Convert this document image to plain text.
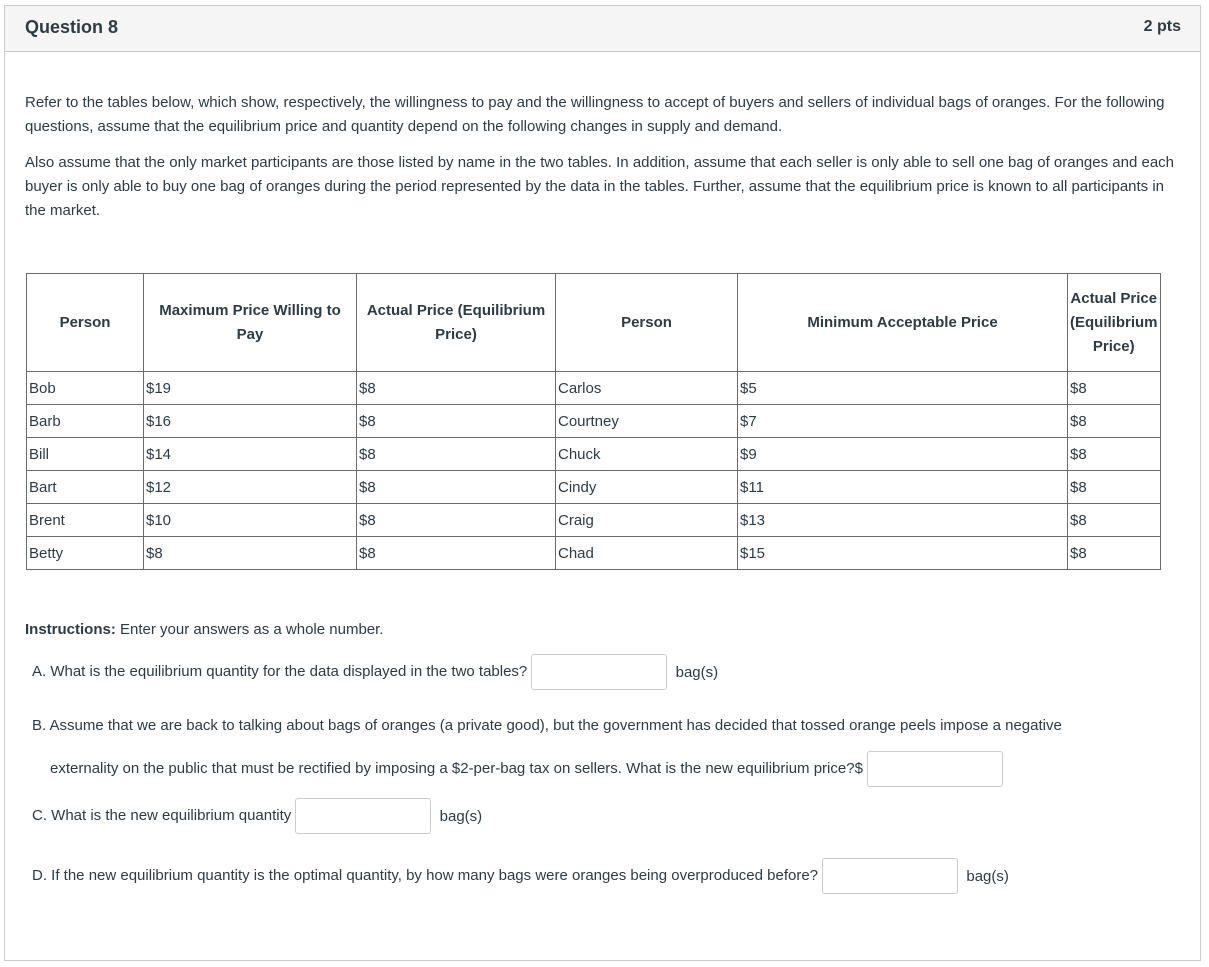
Question 8	2 pts

Refer to the tables below, which show, respectively, the willingness to pay and the willingness to accept of buyers and sellers of individual bags of oranges. For the following questions, assume that the equilibrium price and quantity depend on the following changes in supply and demand.

Also assume that the only market participants are those listed by name in the two tables. In addition, assume that each seller is only able to sell one bag of oranges and each buyer is only able to buy one bag of oranges during the period represented by the data in the tables. Further, assume that the equilibrium price is known to all participants in the market.

Person	Maximum Price Willing to Pay	Actual Price (Equilibrium Price)	Person	Minimum Acceptable Price	Actual Price (Equilibrium Price)
Bob	$19	$8	Carlos	$5	$8
Barb	$16	$8	Courtney	$7	$8
Bill	$14	$8	Chuck	$9	$8
Bart	$12	$8	Cindy	$11	$8
Brent	$10	$8	Craig	$13	$8
Betty	$8	$8	Chad	$15	$8
Instructions: Enter your answers as a whole number.
A. What is the equilibrium quantity for the data displayed in the two tables?	bag(s)
B. Assume that we are back to talking about bags of oranges (a private good), but the government has decided that tossed orange peels impose a negative
externality on the public that must be rectified by imposing a $2-per-bag tax on sellers. What is the new equilibrium price?$
C. What is the new equilibrium quantity	bag(s)
D. If the new equilibrium quantity is the optimal quantity, by how many bags were oranges being overproduced before?	bag(s)
